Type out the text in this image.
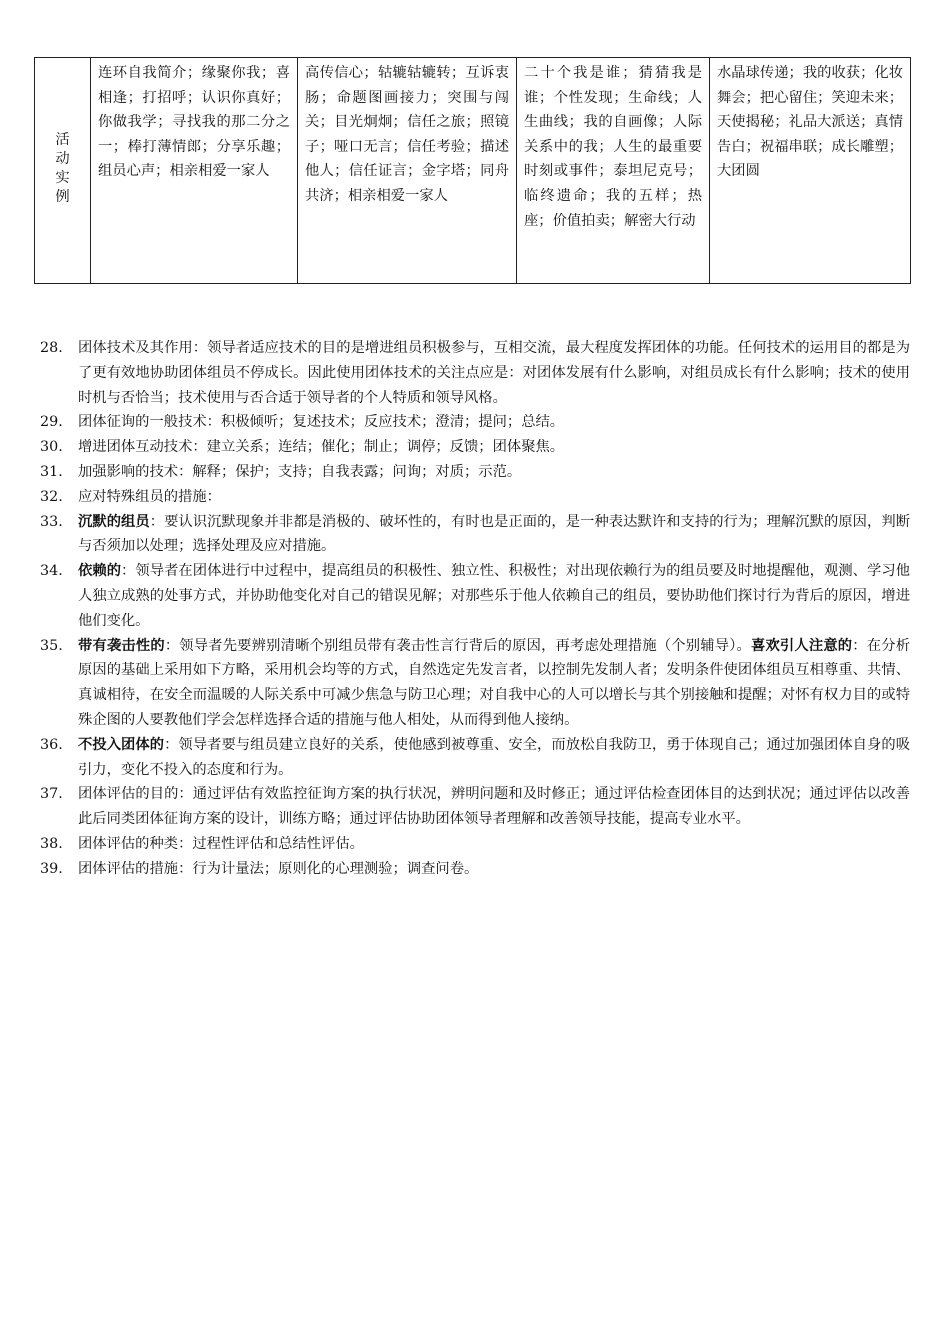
活动实例	连环自我简介；缘聚你我；喜相逢；打招呼；认识你真好；你做我学；寻找我的那二分之一；棒打薄情郎；分享乐趣；组员心声；相亲相爱一家人	高传信心；轱辘轱辘转；互诉衷肠；命题图画接力；突围与闯关；目光炯炯；信任之旅；照镜子；哑口无言；信任考验；描述他人；信任证言；金字塔；同舟共济；相亲相爱一家人	二十个我是谁；猜猜我是谁；个性发现；生命线；人生曲线；我的自画像；人际关系中的我；人生的最重要时刻或事件；泰坦尼克号；临终遗命；我的五样；热座；价值拍卖；解密大行动	水晶球传递；我的收获；化妆舞会；把心留住；笑迎未来；天使揭秘；礼品大派送；真情告白；祝福串联；成长雕塑；大团圆
28.	团体技术及其作用：领导者适应技术的目的是增进组员积极参与，互相交流，最大程度发挥团体的功能。任何技术的运用目的都是为了更有效地协助团体组员不停成长。因此使用团体技术的关注点应是：对团体发展有什么影响，对组员成长有什么影响；技术的使用时机与否恰当；技术使用与否合适于领导者的个人特质和领导风格。
29.	团体征询的一般技术：积极倾听；复述技术；反应技术；澄清；提问；总结。
30.	增进团体互动技术：建立关系；连结；催化；制止；调停；反馈；团体聚焦。
31.	加强影响的技术：解释；保护；支持；自我表露；问询；对质；示范。
32.	应对特殊组员的措施：
33.	沉默的组员：要认识沉默现象并非都是消极的、破坏性的，有时也是正面的，是一种表达默许和支持的行为；理解沉默的原因，判断与否须加以处理；选择处理及应对措施。
34.	依赖的：领导者在团体进行中过程中，提高组员的积极性、独立性、积极性；对出现依赖行为的组员要及时地提醒他，观测、学习他人独立成熟的处事方式，并协助他变化对自己的错误见解；对那些乐于他人依赖自己的组员，要协助他们探讨行为背后的原因，增进他们变化。
35.	带有袭击性的：领导者先要辨别清晰个别组员带有袭击性言行背后的原因，再考虑处理措施（个别辅导）。喜欢引人注意的：在分析原因的基础上采用如下方略，采用机会均等的方式，自然选定先发言者，以控制先发制人者；发明条件使团体组员互相尊重、共情、真诚相待，在安全而温暖的人际关系中可减少焦急与防卫心理；对自我中心的人可以增长与其个别接触和提醒；对怀有权力目的或特殊企图的人要教他们学会怎样选择合适的措施与他人相处，从而得到他人接纳。
36.	不投入团体的：领导者要与组员建立良好的关系，使他感到被尊重、安全，而放松自我防卫，勇于体现自己；通过加强团体自身的吸引力，变化不投入的态度和行为。
37.	团体评估的目的：通过评估有效监控征询方案的执行状况，辨明问题和及时修正；通过评估检查团体目的达到状况；通过评估以改善此后同类团体征询方案的设计，训练方略；通过评估协助团体领导者理解和改善领导技能，提高专业水平。
38.	团体评估的种类：过程性评估和总结性评估。
39.	团体评估的措施：行为计量法；原则化的心理测验；调查问卷。
